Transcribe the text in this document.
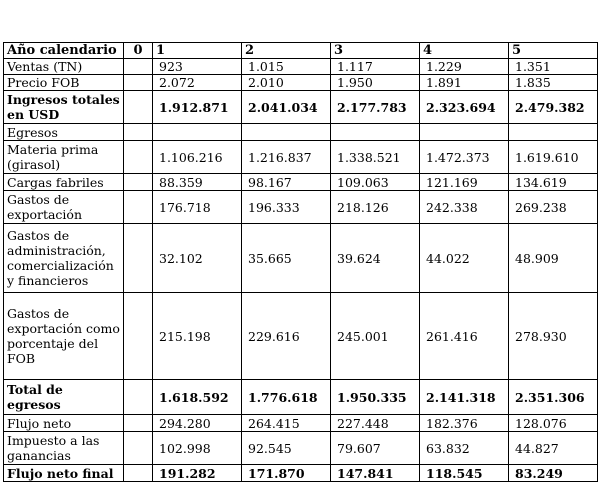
Año calendario	0	1	2	3	4	5
Ventas (TN)		923	1.015	1.117	1.229	1.351
Precio FOB		2.072	2.010	1.950	1.891	1.835
Ingresos totales en USD		1.912.871	2.041.034	2.177.783	2.323.694	2.479.382
Egresos						
Materia prima (girasol)		1.106.216	1.216.837	1.338.521	1.472.373	1.619.610
Cargas fabriles		88.359	98.167	109.063	121.169	134.619
Gastos de exportación		176.718	196.333	218.126	242.338	269.238
Gastos de administración, comercialización y financieros		32.102	35.665	39.624	44.022	48.909
Gastos de exportación como porcentaje del FOB		215.198	229.616	245.001	261.416	278.930
Total de egresos		1.618.592	1.776.618	1.950.335	2.141.318	2.351.306
Flujo neto		294.280	264.415	227.448	182.376	128.076
Impuesto a las ganancias		102.998	92.545	79.607	63.832	44.827
Flujo neto final		191.282	171.870	147.841	118.545	83.249
